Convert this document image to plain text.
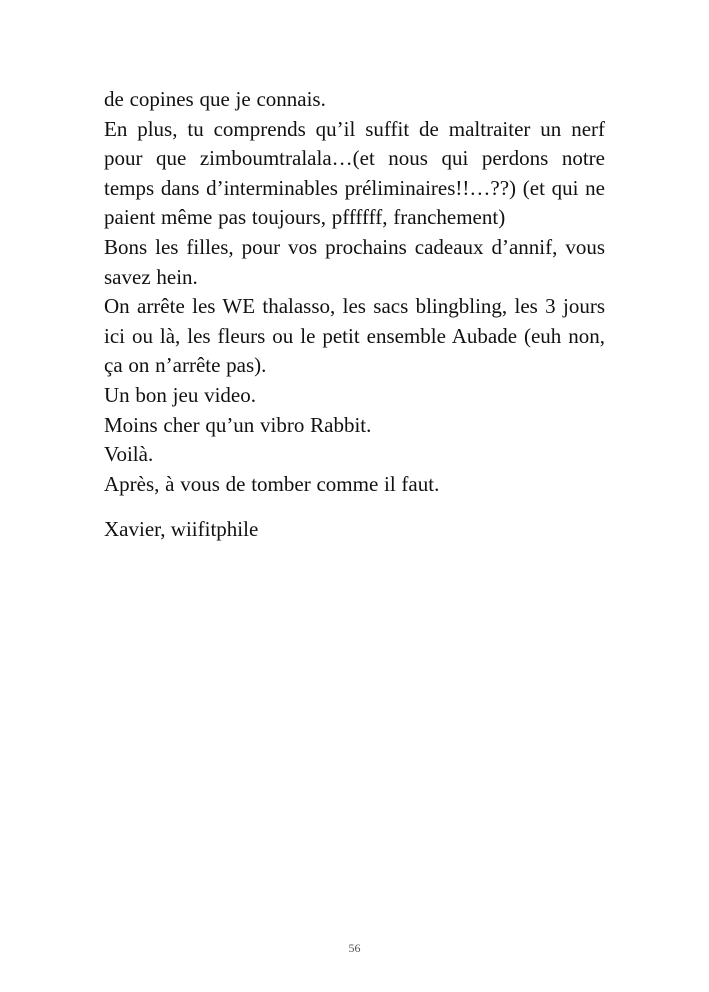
de copines que je connais.

En plus, tu comprends qu’il suffit de maltraiter un nerf pour que zimboumtralala…(et nous qui perdons notre temps dans d’interminables préliminaires!!…??) (et qui ne paient même pas toujours, pffffff, franchement)

Bons les filles, pour vos prochains cadeaux d’annif, vous savez hein.

On arrête les WE thalasso, les sacs blingbling, les 3 jours ici ou là, les fleurs ou le petit ensemble Aubade (euh non, ça on n’arrête pas).

Un bon jeu video.

Moins cher qu’un vibro Rabbit.

Voilà.

Après, à vous de tomber comme il faut.

Xavier, wiifitphile

56
